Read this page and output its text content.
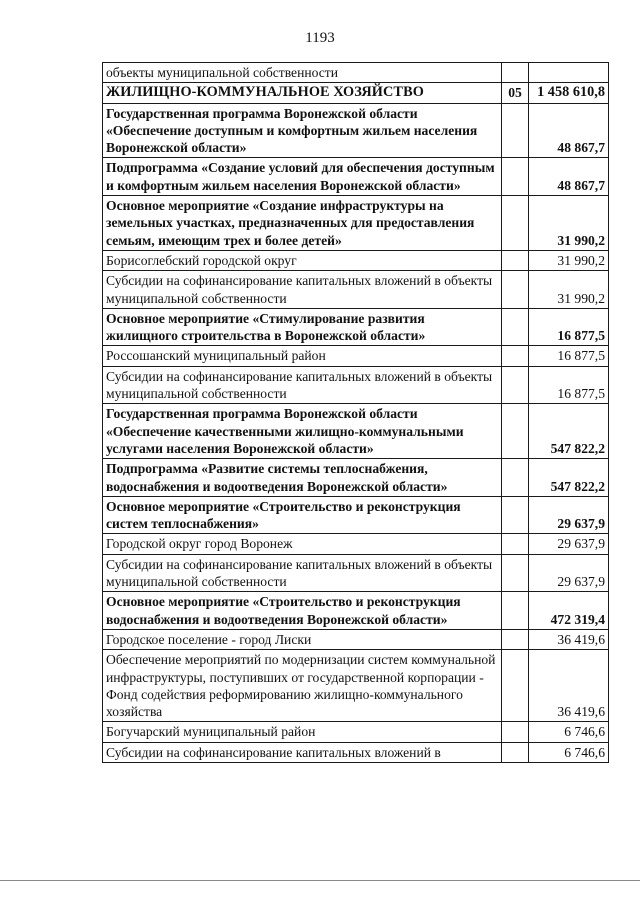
1193
объекты муниципальной собственности		
ЖИЛИЩНО-КОММУНАЛЬНОЕ ХОЗЯЙСТВО	05	1 458 610,8
Государственная программа Воронежской области «Обеспечение доступным и комфортным жильем населения Воронежской области»		48 867,7
Подпрограмма «Создание условий для обеспечения доступным и комфортным жильем населения Воронежской области»		48 867,7
Основное мероприятие «Создание инфраструктуры на земельных участках, предназначенных для предоставления семьям, имеющим трех и более детей»		31 990,2
Борисоглебский городской округ		31 990,2
Субсидии на софинансирование капитальных вложений в объекты муниципальной собственности		31 990,2
Основное мероприятие «Стимулирование развития жилищного строительства в Воронежской области»		16 877,5
Россошанский муниципальный район		16 877,5
Субсидии на софинансирование капитальных вложений в объекты муниципальной собственности		16 877,5
Государственная программа Воронежской области «Обеспечение качественными жилищно-коммунальными услугами населения Воронежской области»		547 822,2
Подпрограмма «Развитие системы теплоснабжения, водоснабжения и водоотведения Воронежской области»		547 822,2
Основное мероприятие «Строительство и реконструкция систем теплоснабжения»		29 637,9
Городской округ город Воронеж		29 637,9
Субсидии на софинансирование капитальных вложений в объекты муниципальной собственности		29 637,9
Основное мероприятие «Строительство и реконструкция водоснабжения и водоотведения Воронежской области»		472 319,4
Городское поселение - город Лиски		36 419,6
Обеспечение мероприятий по модернизации систем коммунальной инфраструктуры, поступивших от государственной корпорации - Фонд содействия реформированию жилищно-коммунального хозяйства		36 419,6
Богучарский муниципальный район		6 746,6
Субсидии на софинансирование капитальных вложений в		6 746,6
